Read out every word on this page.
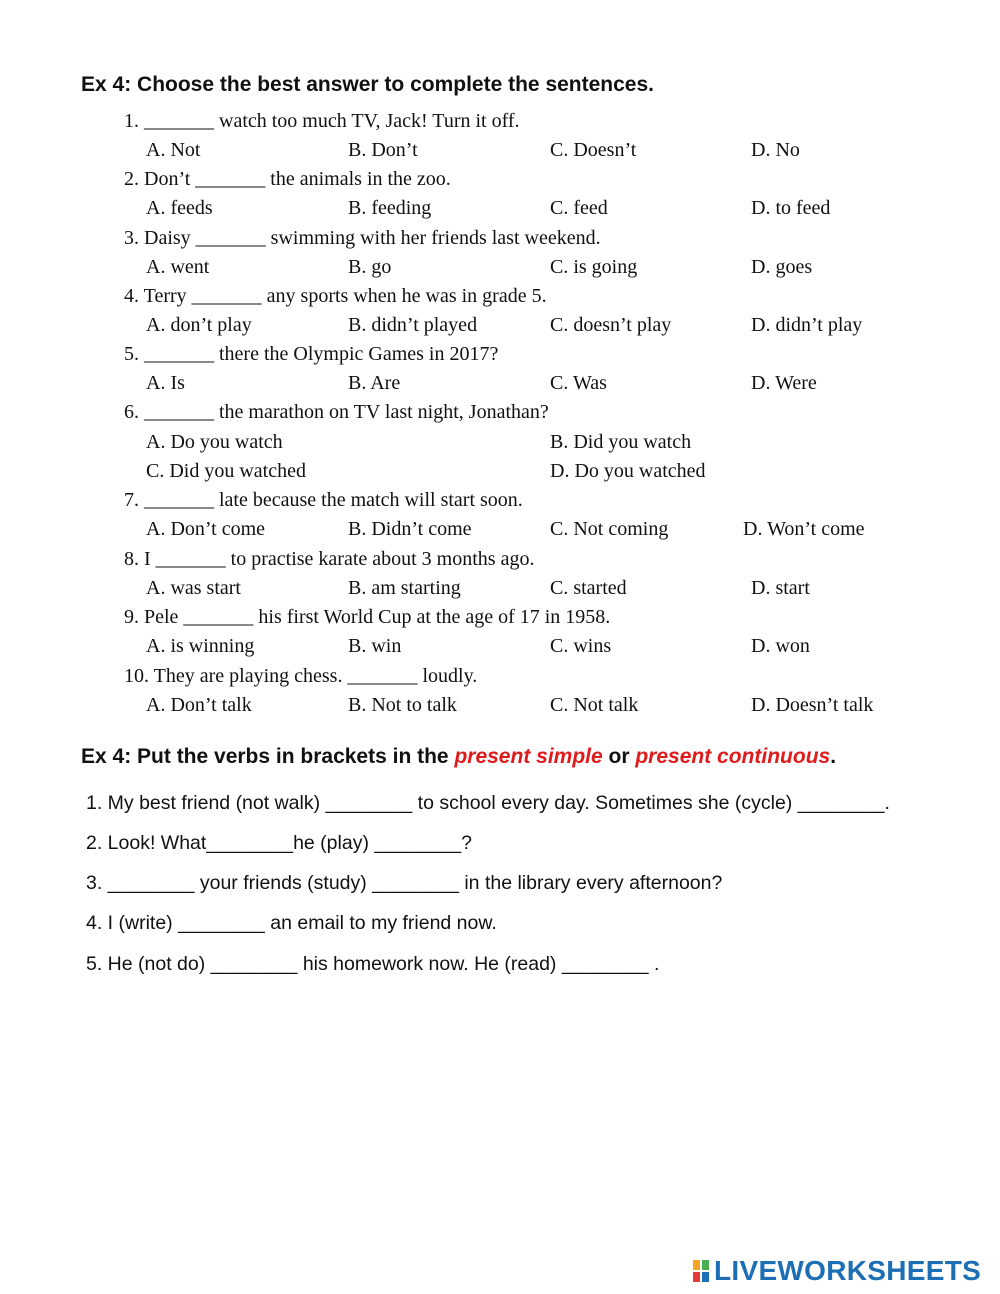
Ex 4: Choose the best answer to complete the sentences.
1. _______ watch too much TV, Jack! Turn it off.
A. Not	B. Don’t	C. Doesn’t	D. No
2. Don’t _______ the animals in the zoo.
A. feeds	B. feeding	C. feed	D. to feed
3. Daisy _______ swimming with her friends last weekend.
A. went	B. go	C. is going	D. goes
4. Terry _______ any sports when he was in grade 5.
A. don’t play	B. didn’t played	C. doesn’t play	D. didn’t play
5. _______ there the Olympic Games in 2017?
A. Is	B. Are	C. Was	D. Were
6. _______ the marathon on TV last night, Jonathan?
A. Do you watch	B. Did you watch
C. Did you watched	D. Do you watched
7. _______ late because the match will start soon.
A. Don’t come	B. Didn’t come	C. Not coming	D. Won’t come
8. I _______ to practise karate about 3 months ago.
A. was start	B. am starting	C. started	D. start
9. Pele _______ his first World Cup at the age of 17 in 1958.
A. is winning	B. win	C. wins	D. won
10. They are playing chess. _______ loudly.
A. Don’t talk	B. Not to talk	C. Not talk	D. Doesn’t talk
Ex 4: Put the verbs in brackets in the present simple or present continuous.
1. My best friend (not walk) ________ to school every day. Sometimes she (cycle) ________.
2. Look! What________he (play) ________?
3. ________ your friends (study) ________ in the library every afternoon?
4. I (write) ________ an email to my friend now.
5. He (not do) ________ his homework now. He (read) ________ .
LIVEWORKSHEETS
